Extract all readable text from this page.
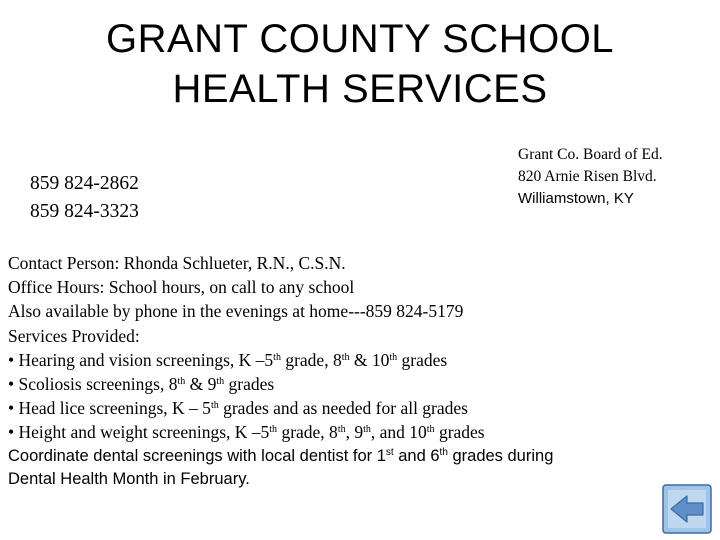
GRANT COUNTY SCHOOL
HEALTH SERVICES
859 824-2862
859 824-3323
Grant Co. Board of Ed.
820 Arnie Risen Blvd.
Williamstown, KY
Contact Person: Rhonda Schlueter, R.N., C.S.N.
Office Hours: School hours, on call to any school
Also available by phone in the evenings at home---859 824-5179
Services Provided:
• Hearing and vision screenings, K –5th grade, 8th & 10th grades
• Scoliosis screenings, 8th & 9th grades
• Head lice screenings, K – 5th grades and as needed for all grades
• Height and weight screenings, K –5th grade, 8th, 9th, and 10th grades
Coordinate dental screenings with local dentist for 1st and 6th grades during
Dental Health Month in February.
